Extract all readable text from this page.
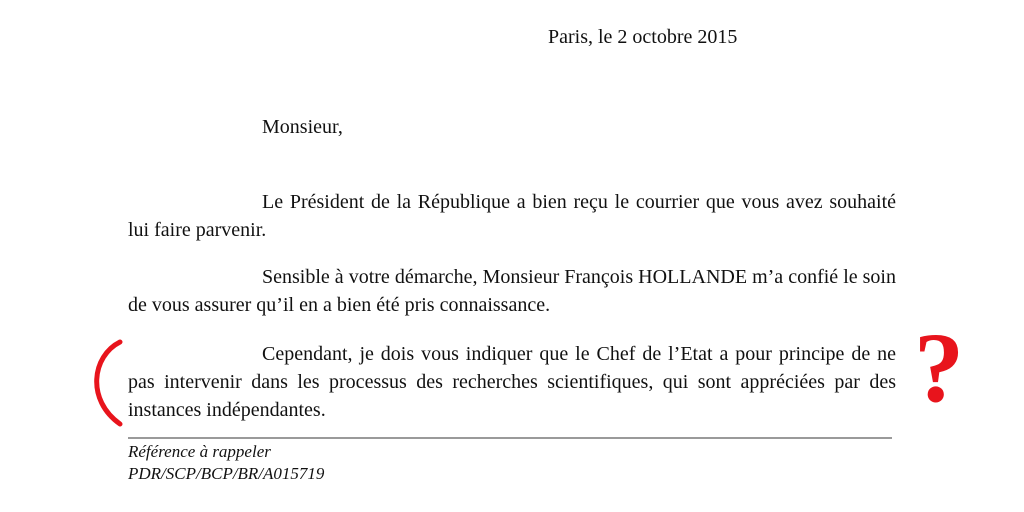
Paris, le 2 octobre 2015
Monsieur,

Le Président de la République a bien reçu le courrier que vous avez souhaité lui faire parvenir.

Sensible à votre démarche, Monsieur François HOLLANDE m’a confié le soin de vous assurer qu’il en a bien été pris connaissance.

Cependant, je dois vous indiquer que le Chef de l’Etat a pour principe de ne pas intervenir dans les processus des recherches scientifiques, qui sont appréciées par des instances indépendantes.

Référence à rappeler
PDR/SCP/BCP/BR/A015719
?
